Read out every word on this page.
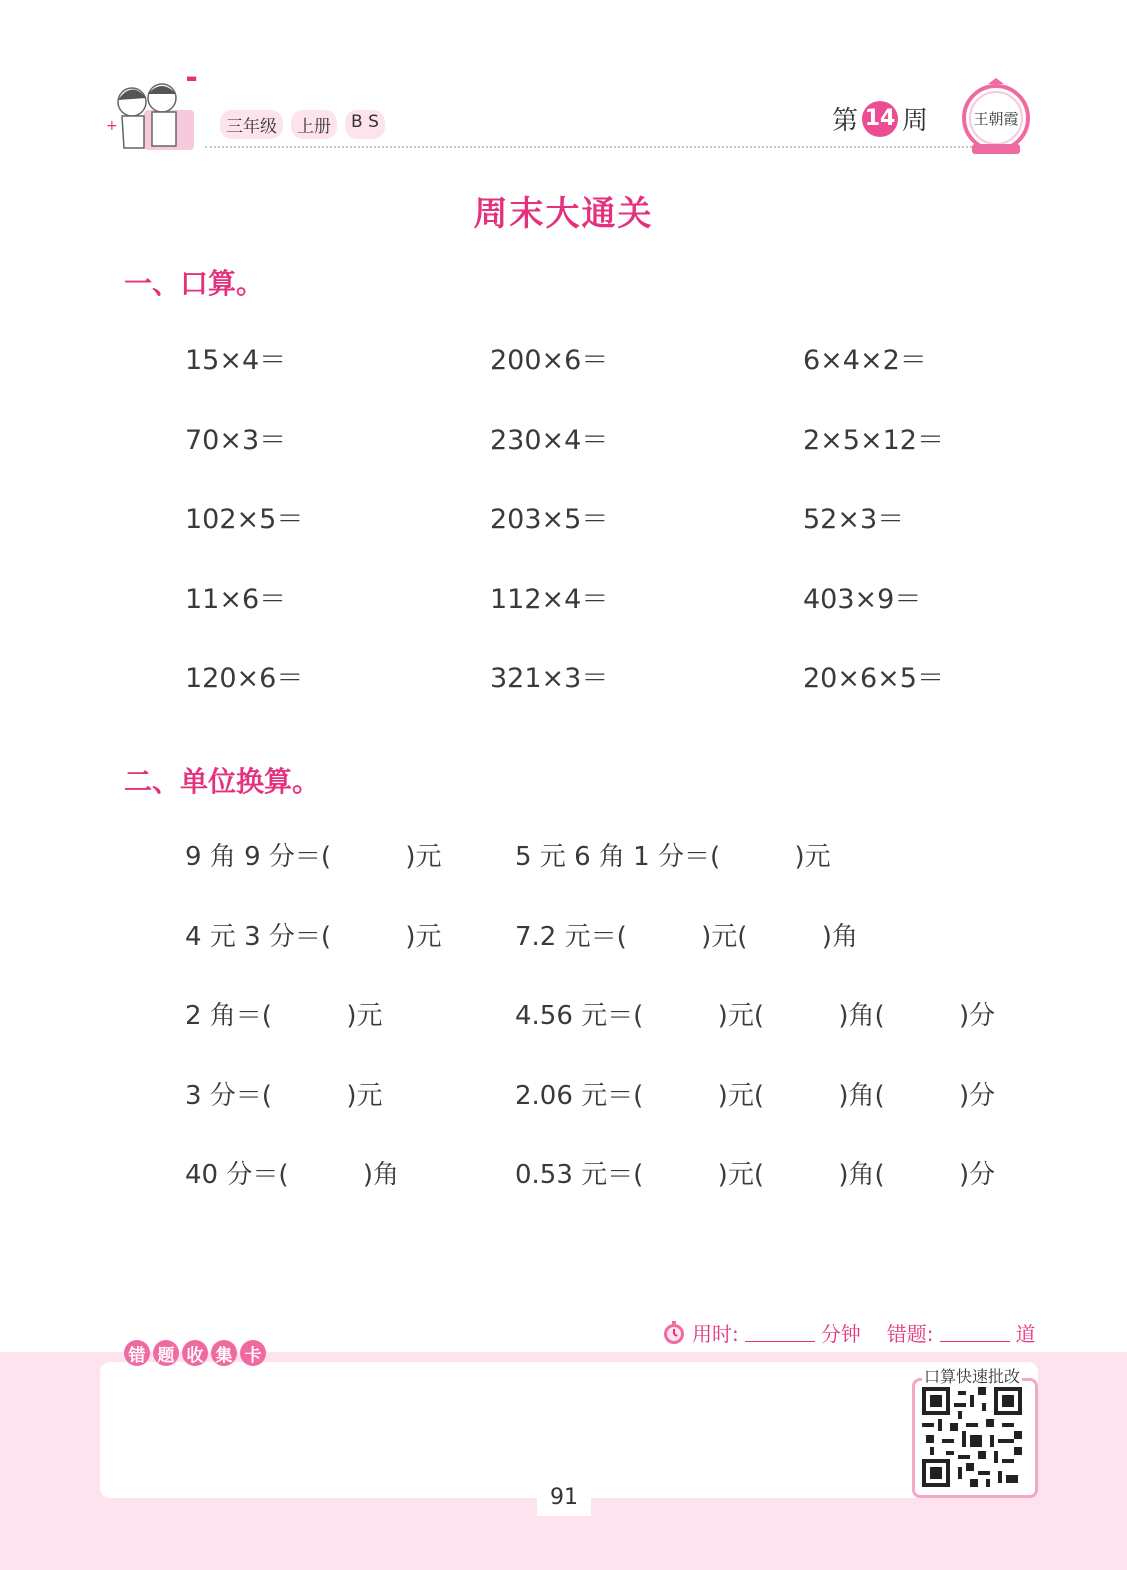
+
▬
三年级	上册	B S	第 14 周	王朝霞
周末大通关
一、口算。
15×4＝	200×6＝	6×4×2＝
70×3＝	230×4＝	2×5×12＝
102×5＝	203×5＝	52×3＝
11×6＝	112×4＝	403×9＝
120×6＝	321×3＝	20×6×5＝
二、单位换算。
9 角 9 分＝(         )元	5 元 6 角 1 分＝(         )元
4 元 3 分＝(         )元	7.2 元＝(         )元(         )角
2 角＝(         )元	4.56 元＝(         )元(         )角(         )分
3 分＝(         )元	2.06 元＝(         )元(         )角(         )分
40 分＝(         )角	0.53 元＝(         )元(         )角(         )分
用时:	分钟 错题:	道
错 题 收 集 卡
口算快速批改
91
